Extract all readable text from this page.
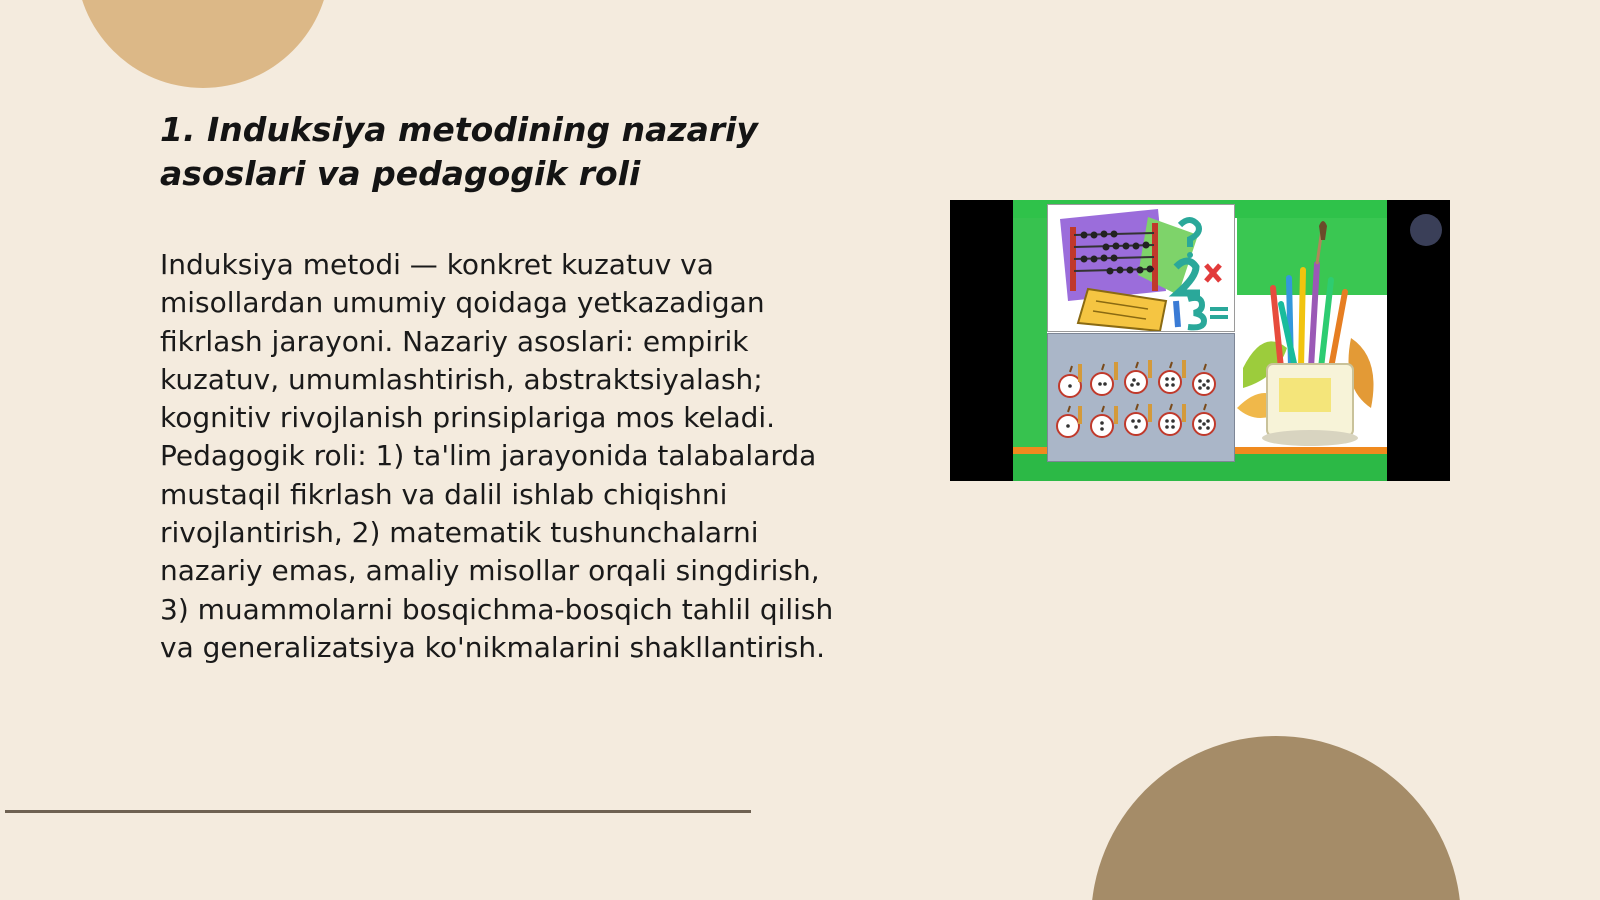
1. Induksiya metodining nazariy asoslari va pedagogik roli

Induksiya metodi — konkret kuzatuv va misollardan umumiy qoidaga yetkazadigan fikrlash jarayoni. Nazariy asoslari: empirik kuzatuv, umumlashtirish, abstraktsiyalash; kognitiv rivojlanish prinsiplariga mos keladi. Pedagogik roli: 1) ta'lim jarayonida talabalarda mustaqil fikrlash va dalil ishlab chiqishni rivojlantirish, 2) matematik tushunchalarni nazariy emas, amaliy misollar orqali singdirish, 3) muammolarni bosqichma-bosqich tahlil qilish va generalizatsiya ko'nikmalarini shakllantirish.
